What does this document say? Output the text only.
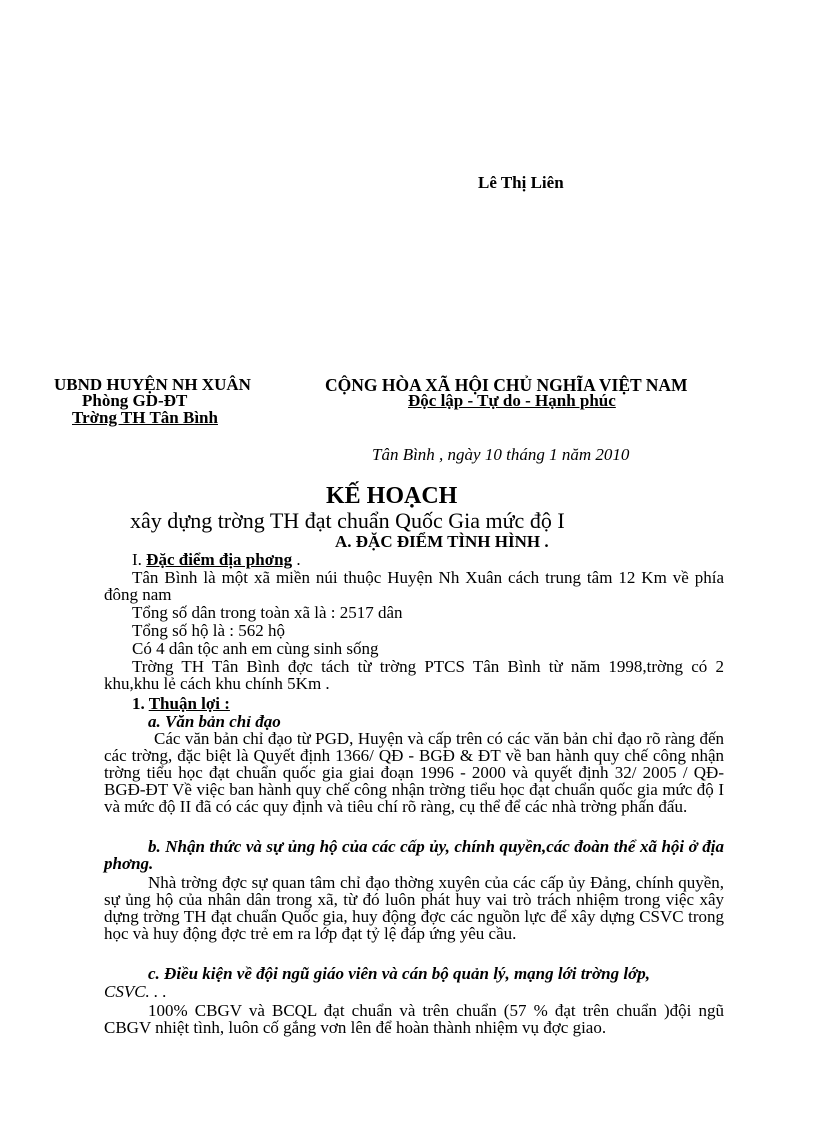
Lê Thị Liên
UBND HUYỆN NH XUÂN
Phòng GD-ĐT
Trờng TH Tân Bình
CỘNG HÒA XÃ HỘI CHỦ NGHĨA VIỆT NAM
Độc lập - Tự do - Hạnh phúc
Tân Bình , ngày 10 tháng 1 năm 2010
KẾ HOẠCH
xây dựng trờng TH đạt chuẩn Quốc Gia mức độ I
A. ĐẶC ĐIỂM TÌNH HÌNH .
I. Đặc điểm địa phơng .
Tân Bình là một xã miền núi thuộc Huyện Nh Xuân cách trung tâm 12 Km về phía đông nam
Tổng số dân trong toàn xã là : 2517 dân
Tổng số hộ là : 562 hộ
Có 4 dân tộc anh em cùng sinh sống
Trờng TH Tân Bình đợc tách từ trờng PTCS Tân Bình từ năm 1998,trờng có 2 khu,khu lẻ cách khu chính 5Km .
1. Thuận lợi :
a. Văn bản chỉ đạo
Các văn bản chỉ đạo từ PGD, Huyện và cấp trên có các văn bản chỉ đạo rõ ràng đến các trờng, đặc biệt là Quyết định 1366/ QĐ - BGĐ & ĐT về ban hành quy chế công nhận trờng tiểu học đạt chuẩn quốc gia giai đoạn 1996 - 2000 và quyết định 32/ 2005 / QĐ-BGĐ-ĐT Về việc ban hành quy chế công nhận trờng tiểu học đạt chuẩn quốc gia mức độ I và mức độ II đã có các quy định và tiêu chí rõ ràng, cụ thể để các nhà trờng phấn đấu.
b. Nhận thức và sự ủng hộ của các cấp ủy, chính quyền,các đoàn thể xã hội ở địa phơng.
Nhà trờng đợc sự quan tâm chỉ đạo thờng xuyên của các cấp ủy Đảng, chính quyền, sự ủng hộ của nhân dân trong xã, từ đó luôn phát huy vai trò trách nhiệm trong việc xây dựng trờng TH đạt chuẩn Quốc gia, huy động đợc các nguồn lực để xây dựng CSVC trong học và huy động đợc trẻ em ra lớp đạt tỷ lệ đáp ứng yêu cầu.
c. Điều kiện về đội ngũ giáo viên và cán bộ quản lý, mạng lới trờng lớp,
CSVC. . .
100% CBGV và BCQL đạt chuẩn và trên chuẩn (57 % đạt trên chuẩn )đội ngũ CBGV nhiệt tình, luôn cố gắng vơn lên để hoàn thành nhiệm vụ đợc giao.
